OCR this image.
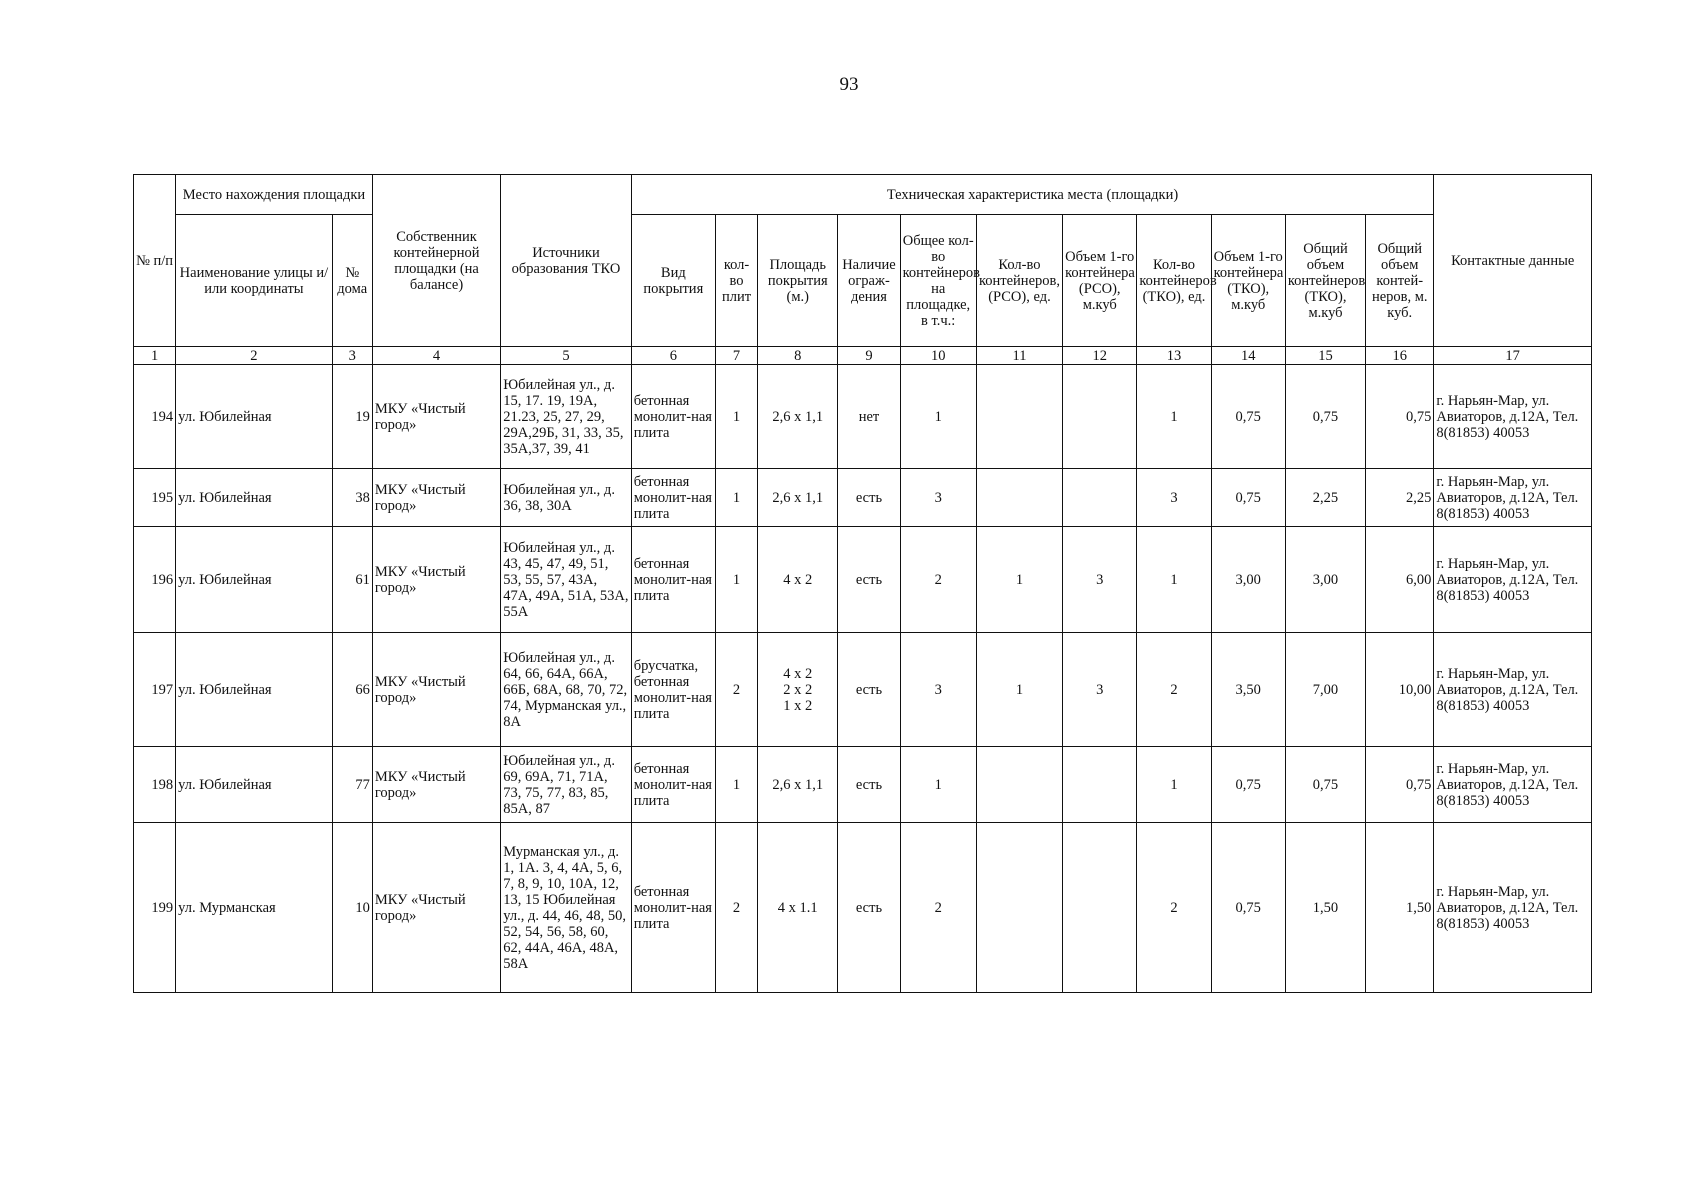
93
№ п/п	Место нахождения площадки		Собственник контейнерной площадки (на балансе)	Источники образования ТКО	Техническая характеристика места (площадки)											Контактные данные
	Наименование улицы и/или координаты	№ дома			Вид покрытия	кол-во плит	Площадь покрытия (м.)	Наличие ограж-дения	Общее кол-во контейнеров на площадке, в т.ч.:	Кол-во контейнеров, (РСО), ед.	Объем 1-го контейнера (РСО), м.куб	Кол-во контейнеров (ТКО), ед.	Объем 1-го контейнера (ТКО), м.куб	Общий объем контейнеров (ТКО), м.куб	Общий объем контей-неров, м. куб.	
1	2	3	4	5	6	7	8	9	10	11	12	13	14	15	16	17
194	ул. Юбилейная	19	МКУ «Чистый город»	Юбилейная ул., д. 15, 17. 19, 19А, 21.23, 25, 27, 29, 29А,29Б, 31, 33, 35, 35А,37, 39, 41	бетонная монолит-ная плита	1	2,6 х 1,1	нет	1			1	0,75	0,75	0,75	г. Нарьян-Мар, ул. Авиаторов, д.12А, Тел. 8(81853) 40053
195	ул. Юбилейная	38	МКУ «Чистый город»	Юбилейная ул., д. 36, 38, 30А	бетонная монолит-ная плита	1	2,6 х 1,1	есть	3			3	0,75	2,25	2,25	г. Нарьян-Мар, ул. Авиаторов, д.12А, Тел. 8(81853) 40053
196	ул. Юбилейная	61	МКУ «Чистый город»	Юбилейная ул., д. 43, 45, 47, 49, 51, 53, 55, 57, 43А, 47А, 49А, 51А, 53А, 55А	бетонная монолит-ная плита	1	4 х 2	есть	2	1	3	1	3,00	3,00	6,00	г. Нарьян-Мар, ул. Авиаторов, д.12А, Тел. 8(81853) 40053
197	ул. Юбилейная	66	МКУ «Чистый город»	Юбилейная ул., д. 64, 66, 64А, 66А, 66Б, 68А, 68, 70, 72, 74, Мурманская ул., 8А	брусчатка, бетонная монолит-ная плита	2	4 х 2
2 х 2
1 х 2	есть	3	1	3	2	3,50	7,00	10,00	г. Нарьян-Мар, ул. Авиаторов, д.12А, Тел. 8(81853) 40053
198	ул. Юбилейная	77	МКУ «Чистый город»	Юбилейная ул., д. 69, 69А, 71, 71А, 73, 75, 77, 83, 85, 85А, 87	бетонная монолит-ная плита	1	2,6 х 1,1	есть	1			1	0,75	0,75	0,75	г. Нарьян-Мар, ул. Авиаторов, д.12А, Тел. 8(81853) 40053
199	ул. Мурманская	10	МКУ «Чистый город»	Мурманская ул., д. 1, 1А. 3, 4, 4А, 5, 6, 7, 8, 9, 10, 10А, 12, 13, 15 Юбилейная ул., д. 44, 46, 48, 50, 52, 54, 56, 58, 60, 62, 44А, 46А, 48А, 58А	бетонная монолит-ная плита	2	4 х 1.1	есть	2			2	0,75	1,50	1,50	г. Нарьян-Мар, ул. Авиаторов, д.12А, Тел. 8(81853) 40053
